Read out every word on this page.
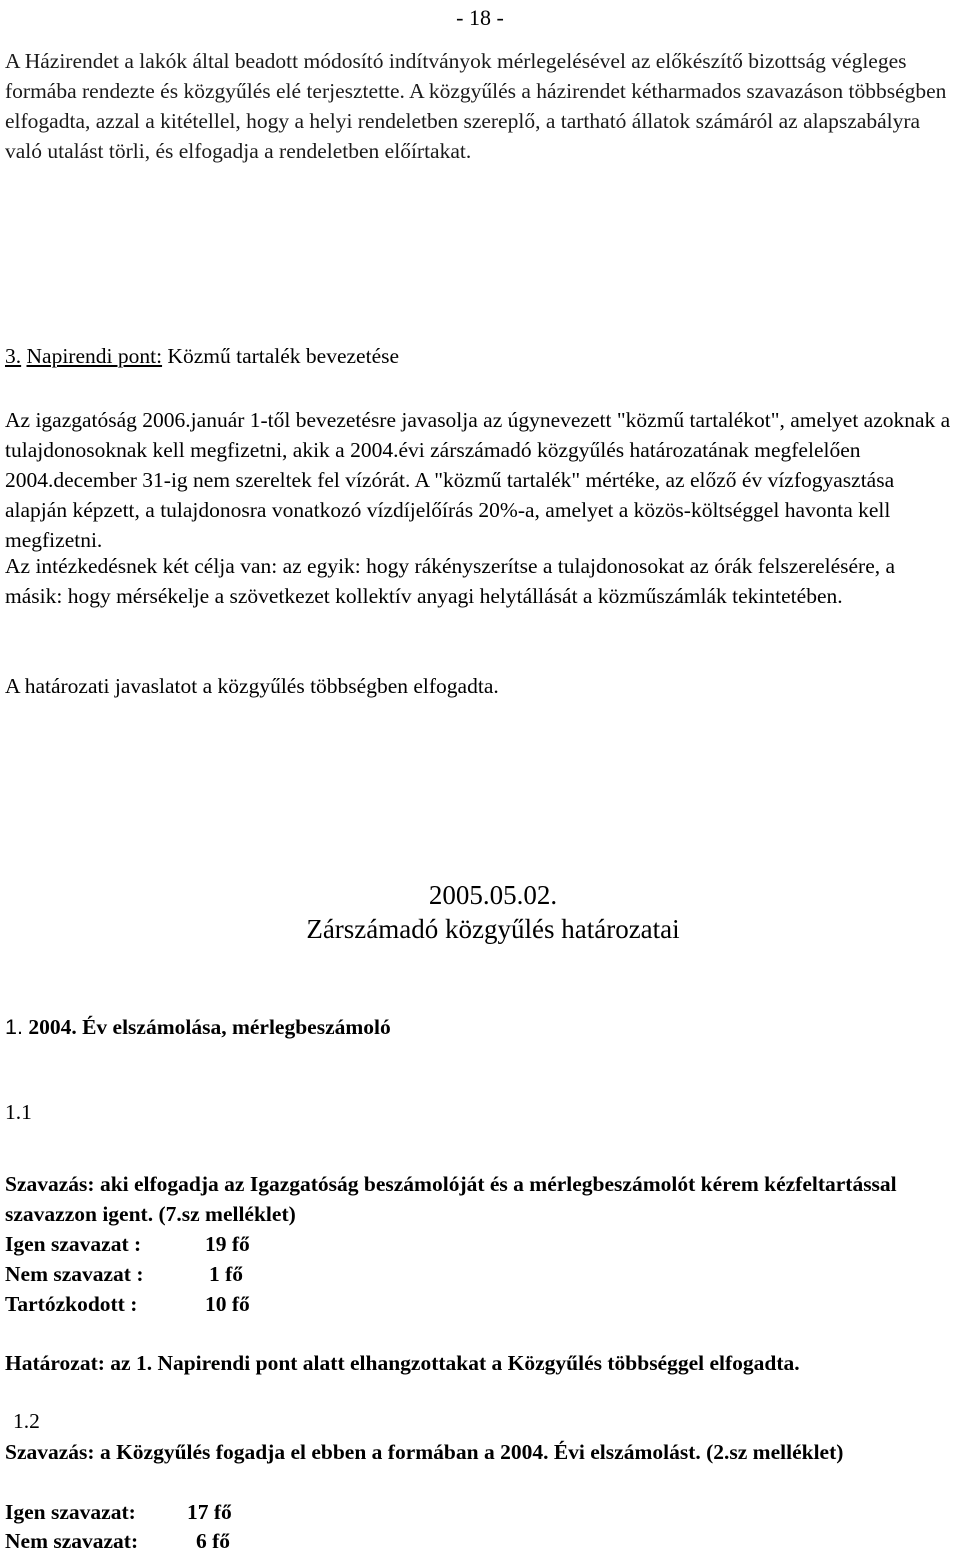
- 18 -

A Házirendet a lakók által beadott módosító indítványok mérlegelésével az előkészítő bizottság végleges formába rendezte és közgyűlés elé terjesztette. A közgyűlés a házirendet kétharmados szavazáson többségben elfogadta, azzal a kitétellel, hogy a helyi rendeletben szereplő, a tartható állatok számáról az alapszabályra való utalást törli, és elfogadja a rendeletben előírtakat.

3. Napirendi pont: Közmű tartalék bevezetése

Az igazgatóság 2006.január 1-től bevezetésre javasolja az úgynevezett "közmű tartalékot", amelyet azoknak a tulajdonosoknak kell megfizetni, akik a 2004.évi zárszámadó közgyűlés határozatának megfelelően 2004.december 31-ig nem szereltek fel vízórát. A "közmű tartalék" mértéke, az előző év vízfogyasztása alapján képzett, a tulajdonosra vonatkozó vízdíjelőírás 20%-a, amelyet a közös-költséggel havonta kell megfizetni.

Az intézkedésnek két célja van: az egyik: hogy rákényszerítse a tulajdonosokat az órák felszerelésére, a másik: hogy mérsékelje a szövetkezet kollektív anyagi helytállását a közműszámlák tekintetében.

A határozati javaslatot a közgyűlés többségben elfogadta.

2005.05.02.
Zárszámadó közgyűlés határozatai
1. 2004. Év elszámolása, mérlegbeszámoló
1.1

Szavazás: aki elfogadja az Igazgatóság beszámolóját és a mérlegbeszámolót kérem kézfeltartással szavazzon igent. (7.sz melléklet)

Igen szavazat :	19 fő
Nem szavazat :	1 fő
Tartózkodott :	10 fő

Határozat: az 1. Napirendi pont alatt elhangzottakat a Közgyűlés többséggel elfogadta.

1.2

Szavazás: a Közgyűlés fogadja el ebben a formában a 2004. Évi elszámolást. (2.sz melléklet)

Igen szavazat: 17 fő
Nem szavazat:	6 fő
